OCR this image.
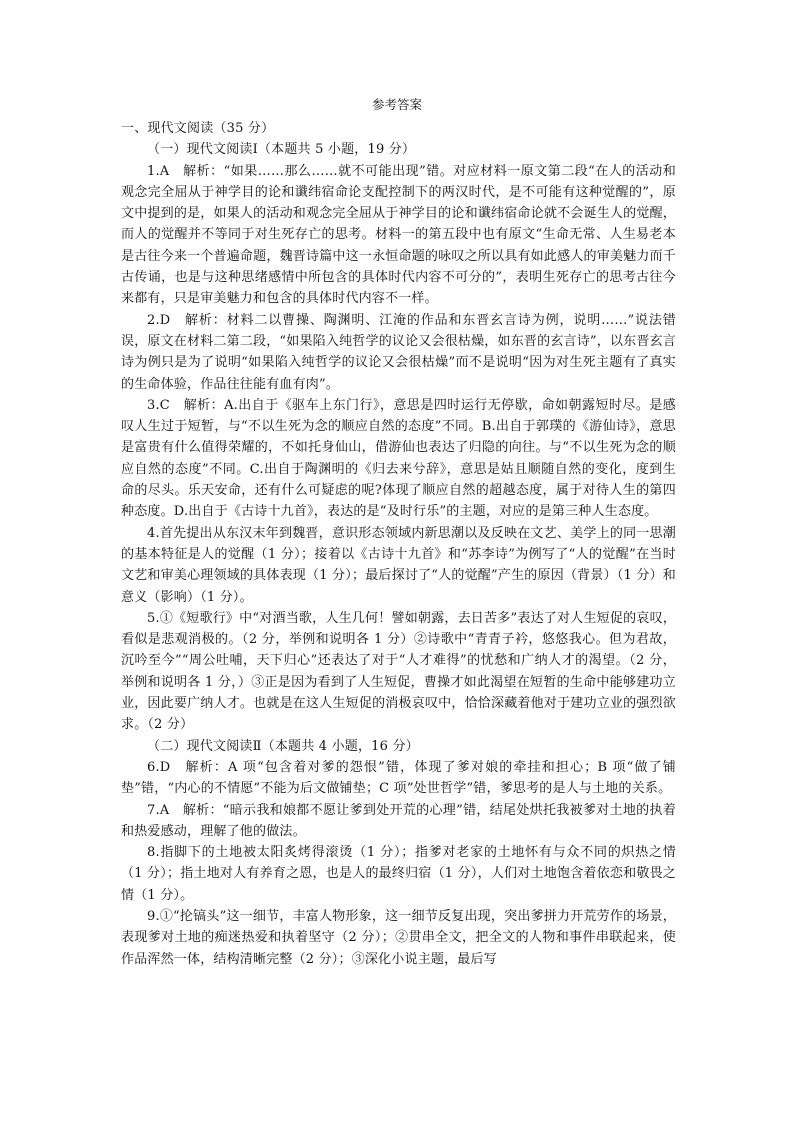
参考答案

一、现代文阅读（35 分）

（一）现代文阅读Ⅰ（本题共 5 小题，19 分）

1.A　解析：“如果……那么……就不可能出现”错。对应材料一原文第二段“在人的活动和观念完全屈从于神学目的论和谶纬宿命论支配控制下的两汉时代，是不可能有这种觉醒的”，原文中提到的是，如果人的活动和观念完全屈从于神学目的论和谶纬宿命论就不会诞生人的觉醒，而人的觉醒并不等同于对生死存亡的思考。材料一的第五段中也有原文“生命无常、人生易老本是古往今来一个普遍命题，魏晋诗篇中这一永恒命题的咏叹之所以具有如此感人的审美魅力而千古传诵，也是与这种思绪感情中所包含的具体时代内容不可分的”，表明生死存亡的思考古往今来都有，只是审美魅力和包含的具体时代内容不一样。

2.D　解析：材料二以曹操、陶渊明、江淹的作品和东晋玄言诗为例，说明……”说法错误，原文在材料二第二段，“如果陷入纯哲学的议论又会很枯燥，如东晋的玄言诗”，以东晋玄言诗为例只是为了说明“如果陷入纯哲学的议论又会很枯燥”而不是说明“因为对生死主题有了真实的生命体验，作品往往能有血有肉”。

3.C　解析：A.出自于《驱车上东门行》，意思是四时运行无停歇，命如朝露短时尽。是感叹人生过于短暂，与“不以生死为念的顺应自然的态度”不同。B.出自于郭璞的《游仙诗》，意思是富贵有什么值得荣耀的，不如托身仙山，借游仙也表达了归隐的向往。与“不以生死为念的顺应自然的态度”不同。C.出自于陶渊明的《归去来兮辞》，意思是姑且顺随自然的变化，度到生命的尽头。乐天安命，还有什么可疑虑的呢?体现了顺应自然的超越态度，属于对待人生的第四种态度。D.出自于《古诗十九首》，表达的是“及时行乐”的主题，对应的是第三种人生态度。

4.首先提出从东汉末年到魏晋，意识形态领域内新思潮以及反映在文艺、美学上的同一思潮的基本特征是人的觉醒（1 分）；接着以《古诗十九首》和“苏李诗”为例写了“人的觉醒”在当时文艺和审美心理领域的具体表现（1 分）；最后探讨了“人的觉醒”产生的原因（背景）（1 分）和意义（影响）（1 分）。

5.①《短歌行》中“对酒当歌，人生几何！譬如朝露，去日苦多”表达了对人生短促的哀叹，看似是悲观消极的。（2 分，举例和说明各 1 分）②诗歌中“青青子衿，悠悠我心。但为君故，沉吟至今”“周公吐哺，天下归心”还表达了对于“人才难得”的忧愁和广纳人才的渴望。（2 分，举例和说明各 1 分，）③正是因为看到了人生短促，曹操才如此渴望在短暂的生命中能够建功立业，因此要广纳人才。也就是在这人生短促的消极哀叹中，恰恰深藏着他对于建功立业的强烈欲求。（2 分）

（二）现代文阅读Ⅱ（本题共 4 小题，16 分）

6.D　解析：A 项“包含着对爹的怨恨”错，体现了爹对娘的牵挂和担心；B 项“做了铺垫”错，“内心的不情愿”不能为后文做铺垫；C 项”处世哲学”错，爹思考的是人与土地的关系。

7.A　解析：“暗示我和娘都不愿让爹到处开荒的心理”错，结尾处烘托我被爹对土地的执着和热爱感动，理解了他的做法。

8.指脚下的土地被太阳炙烤得滚烫（1 分）；指爹对老家的土地怀有与众不同的炽热之情（1 分）；指土地对人有养育之恩，也是人的最终归宿（1 分），人们对土地饱含着依恋和敬畏之情（1 分）。

9.①“抡镐头”这一细节，丰富人物形象，这一细节反复出现，突出爹拼力开荒劳作的场景，表现爹对土地的痴迷热爱和执着坚守（2 分）；②贯串全文，把全文的人物和事件串联起来，使作品浑然一体，结构清晰完整（2 分）；③深化小说主题，最后写
